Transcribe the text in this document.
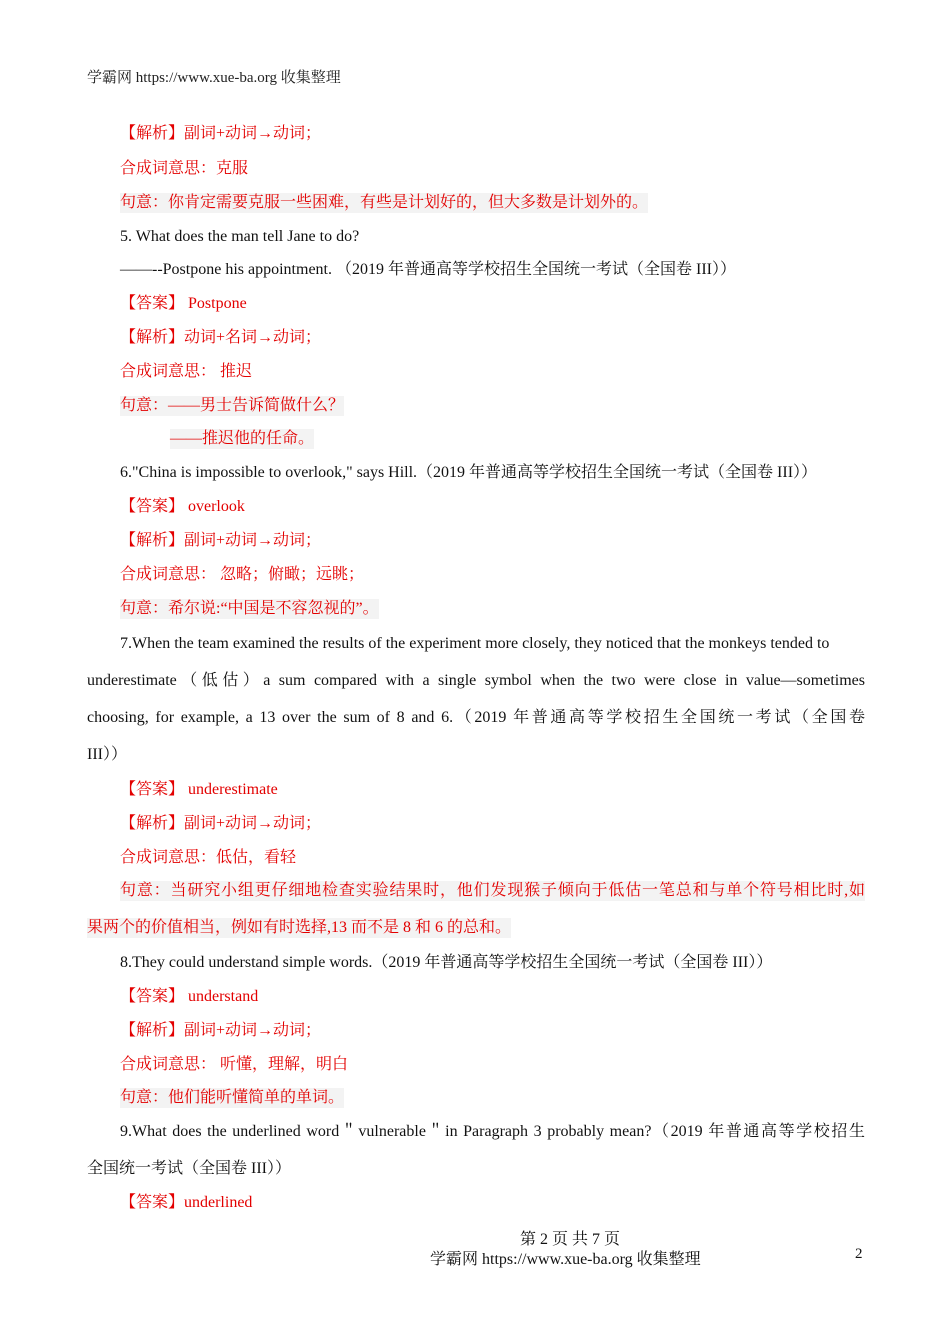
学霸网 https://www.xue-ba.org 收集整理
【解析】副词+动词→动词；
合成词意思：克服
句意：你肯定需要克服一些困难，有些是计划好的，但大多数是计划外的。
5. What does the man tell Jane to do?
——--Postpone his appointment. （2019 年普通高等学校招生全国统一考试（全国卷 III））
【答案】 Postpone
【解析】动词+名词→动词；
合成词意思： 推迟
句意：——男士告诉简做什么？
——推迟他的任命。
6."China is impossible to overlook," says Hill.（2019 年普通高等学校招生全国统一考试（全国卷 III））
【答案】 overlook
【解析】副词+动词→动词；
合成词意思： 忽略；俯瞰；远眺；
句意：希尔说:“中国是不容忽视的”。
7.When the team examined the results of the experiment more closely, they noticed that the monkeys tended to
underestimate（低估）a sum compared with a single symbol when the two were close in value—sometimes
choosing, for example, a 13 over the sum of 8 and 6.（2019 年普通高等学校招生全国统一考试（全国卷
III））
【答案】 underestimate
【解析】副词+动词→动词；
合成词意思：低估，看轻
句意：当研究小组更仔细地检查实验结果时，他们发现猴子倾向于低估一笔总和与单个符号相比时,如
果两个的价值相当，例如有时选择,13 而不是 8 和 6 的总和。
8.They could understand simple words.（2019 年普通高等学校招生全国统一考试（全国卷 III））
【答案】 understand
【解析】副词+动词→动词；
合成词意思： 听懂，理解，明白
句意：他们能听懂简单的单词。
9.What does the underlined word＂vulnerable＂in Paragraph 3 probably mean?（2019 年普通高等学校招生
全国统一考试（全国卷 III））
【答案】underlined
第 2 页 共 7 页
学霸网 https://www.xue-ba.org 收集整理	2
